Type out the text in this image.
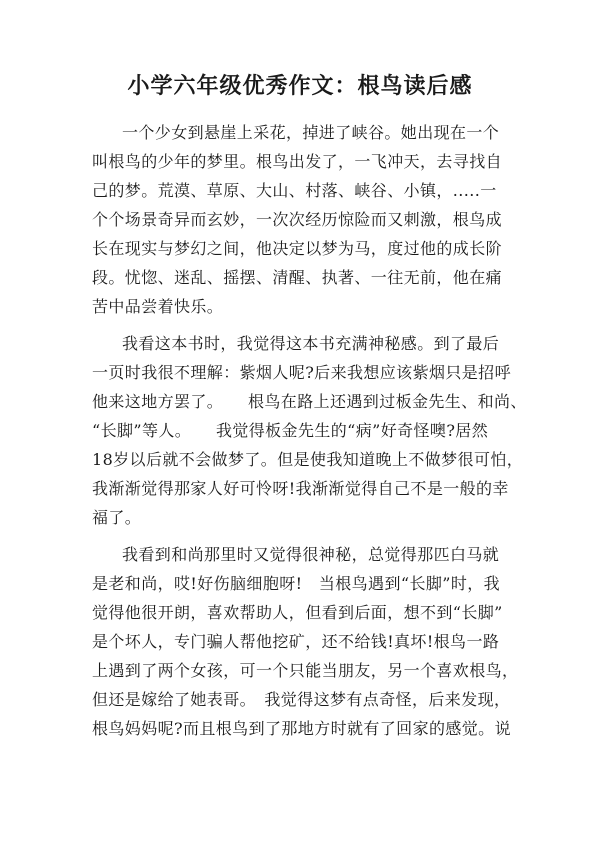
小学六年级优秀作文：根鸟读后感
一个少女到悬崖上采花，掉进了峡谷。她出现在一个
叫根鸟的少年的梦里。根鸟出发了，一飞冲天，去寻找自
己的梦。荒漠、草原、大山、村落、峡谷、小镇，.....一
个个场景奇异而玄妙，一次次经历惊险而又刺激，根鸟成
长在现实与梦幻之间，他决定以梦为马，度过他的成长阶
段。忧惚、迷乱、摇摆、清醒、执著、一往无前，他在痛
苦中品尝着快乐。
我看这本书时，我觉得这本书充满神秘感。到了最后
一页时我很不理解：紫烟人呢?后来我想应该紫烟只是招呼
他来这地方罢了。　　根鸟在路上还遇到过板金先生、和尚、
“长脚”等人。　　我觉得板金先生的“病”好奇怪噢?居然
18岁以后就不会做梦了。但是使我知道晚上不做梦很可怕，
我渐渐觉得那家人好可怜呀!我渐渐觉得自己不是一般的幸
福了。
我看到和尚那里时又觉得很神秘，总觉得那匹白马就
是老和尚，哎!好伤脑细胞呀!　当根鸟遇到“长脚”时，我
觉得他很开朗，喜欢帮助人，但看到后面，想不到“长脚”
是个坏人，专门骗人帮他挖矿，还不给钱!真坏!根鸟一路
上遇到了两个女孩，可一个只能当朋友，另一个喜欢根鸟，
但还是嫁给了她表哥。　我觉得这梦有点奇怪，后来发现，
根鸟妈妈呢?而且根鸟到了那地方时就有了回家的感觉。说
